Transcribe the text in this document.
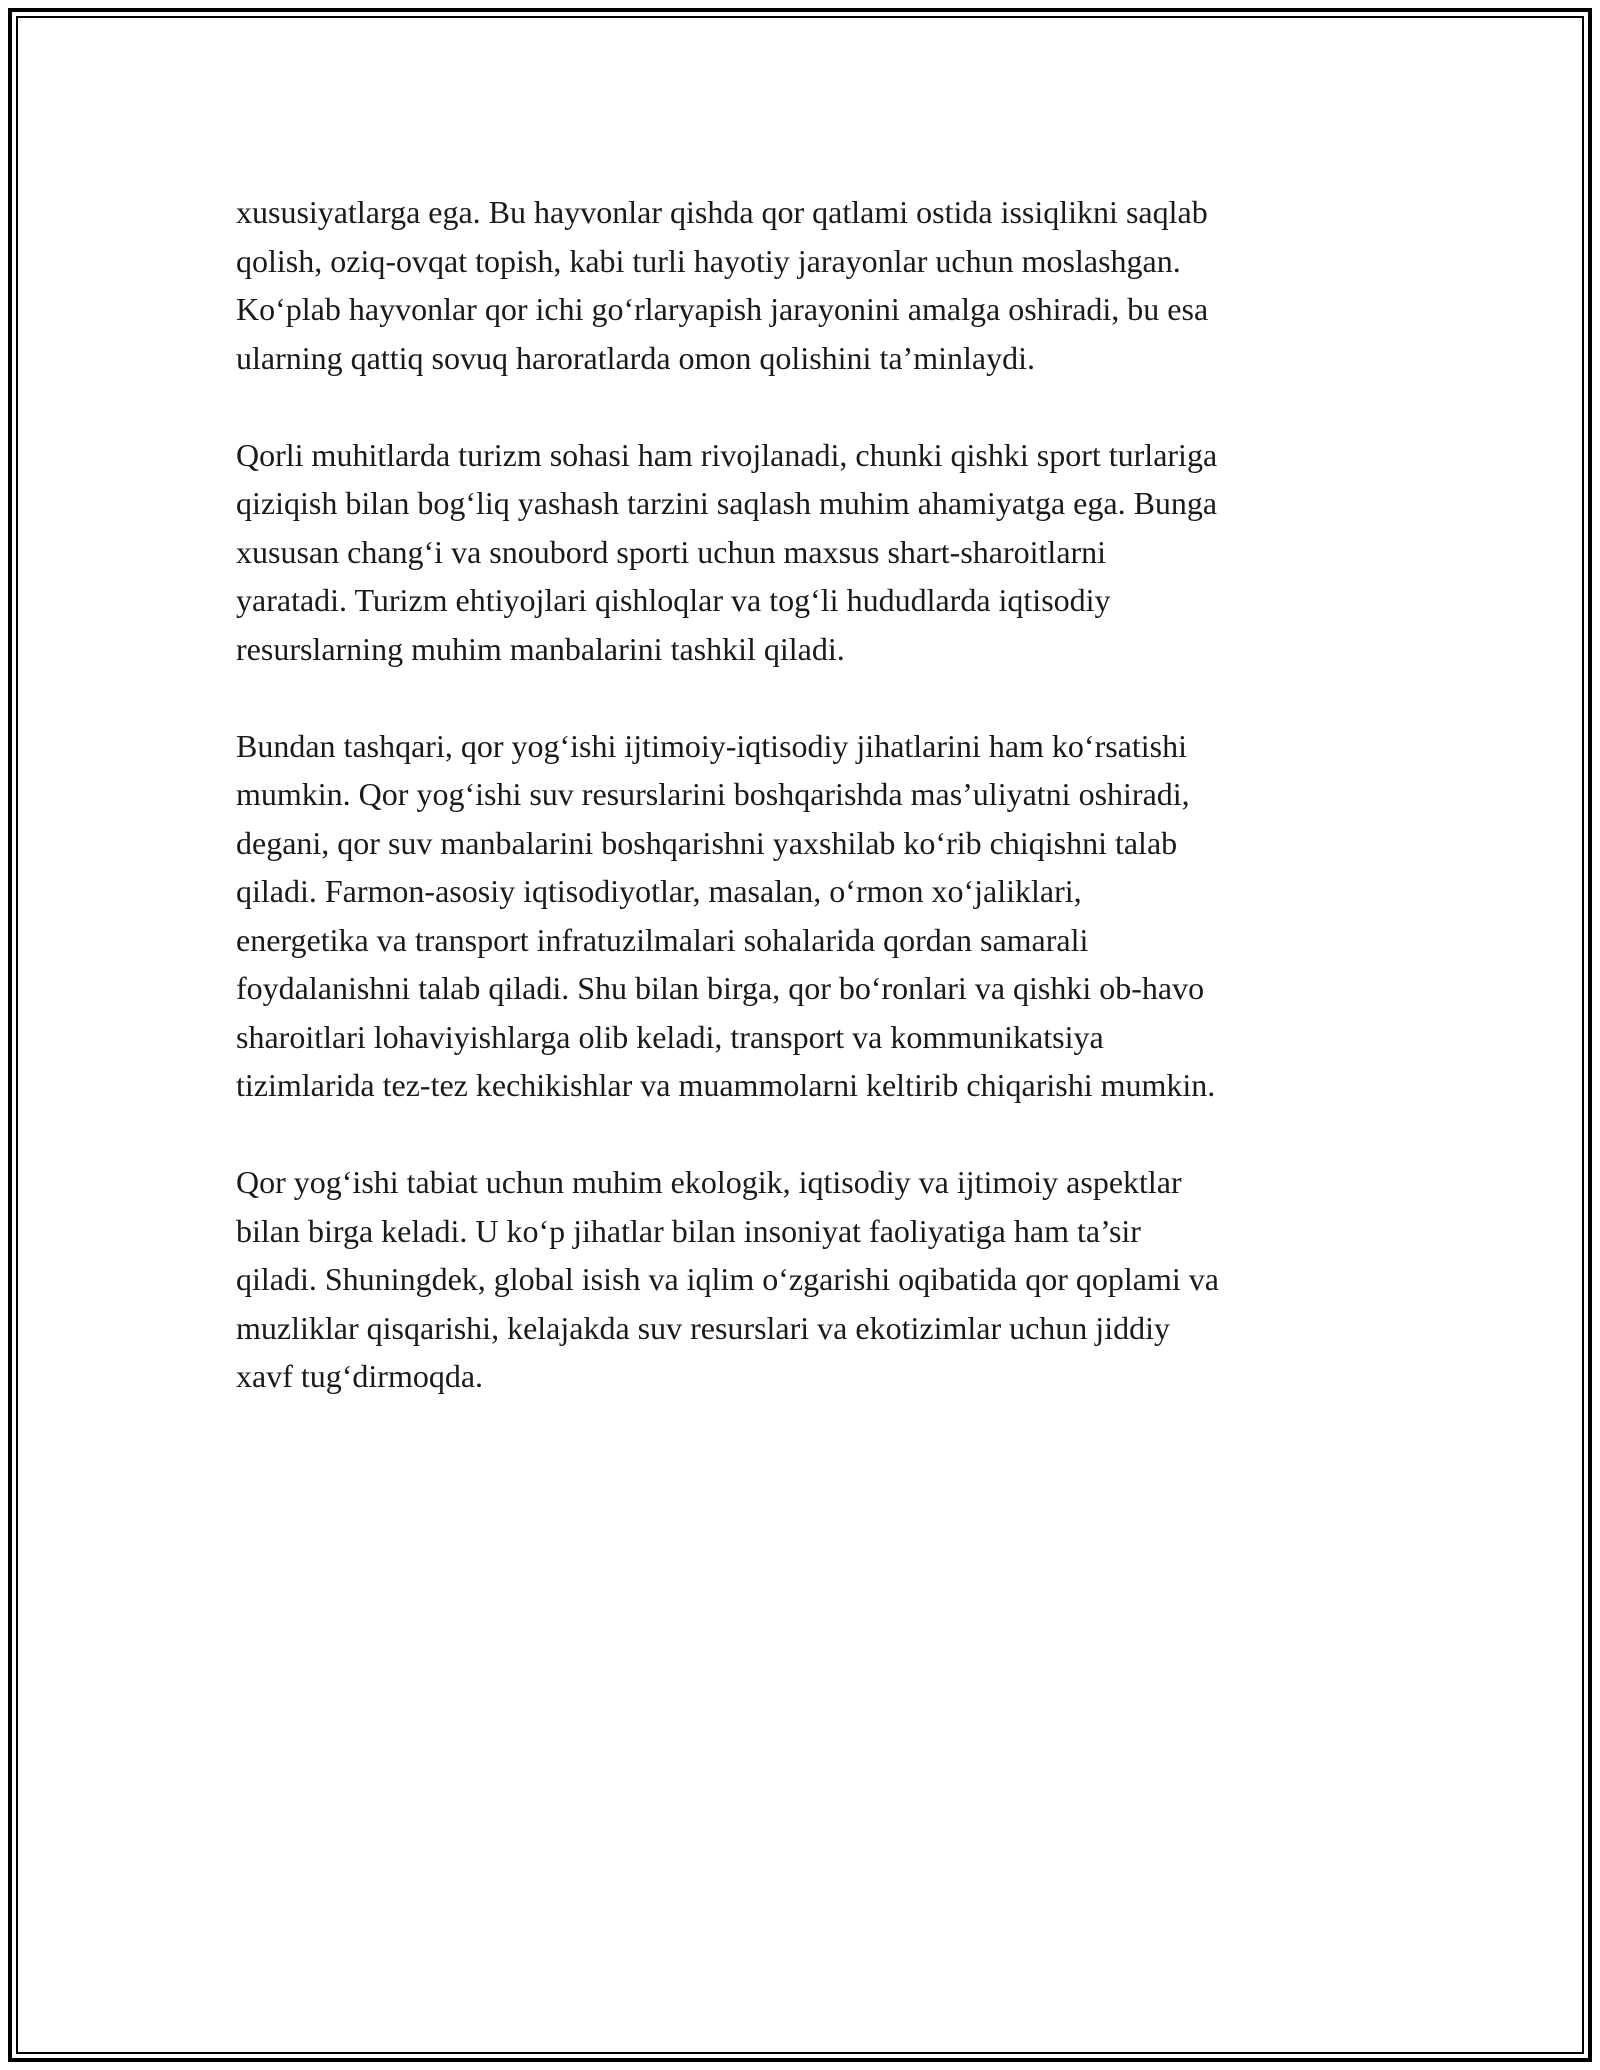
xususiyatlarga ega. Bu hayvonlar qishda qor qatlami ostida issiqlikni saqlab
qolish, oziq-ovqat topish, kabi turli hayotiy jarayonlar uchun moslashgan.
Ko‘plab hayvonlar qor ichi go‘rlaryapish jarayonini amalga oshiradi, bu esa
ularning qattiq sovuq haroratlarda omon qolishini ta’minlaydi.

Qorli muhitlarda turizm sohasi ham rivojlanadi, chunki qishki sport turlariga
qiziqish bilan bog‘liq yashash tarzini saqlash muhim ahamiyatga ega. Bunga
xususan chang‘i va snoubord sporti uchun maxsus shart-sharoitlarni
yaratadi. Turizm ehtiyojlari qishloqlar va tog‘li hududlarda iqtisodiy
resurslarning muhim manbalarini tashkil qiladi.

Bundan tashqari, qor yog‘ishi ijtimoiy-iqtisodiy jihatlarini ham ko‘rsatishi
mumkin. Qor yog‘ishi suv resurslarini boshqarishda mas’uliyatni oshiradi,
degani, qor suv manbalarini boshqarishni yaxshilab ko‘rib chiqishni talab
qiladi. Farmon-asosiy iqtisodiyotlar, masalan, o‘rmon xo‘jaliklari,
energetika va transport infratuzilmalari sohalarida qordan samarali
foydalanishni talab qiladi. Shu bilan birga, qor bo‘ronlari va qishki ob-havo
sharoitlari lohaviyishlarga olib keladi, transport va kommunikatsiya
tizimlarida tez-tez kechikishlar va muammolarni keltirib chiqarishi mumkin.

Qor yog‘ishi tabiat uchun muhim ekologik, iqtisodiy va ijtimoiy aspektlar
bilan birga keladi. U ko‘p jihatlar bilan insoniyat faoliyatiga ham ta’sir
qiladi. Shuningdek, global isish va iqlim o‘zgarishi oqibatida qor qoplami va
muzliklar qisqarishi, kelajakda suv resurslari va ekotizimlar uchun jiddiy
xavf tug‘dirmoqda.
